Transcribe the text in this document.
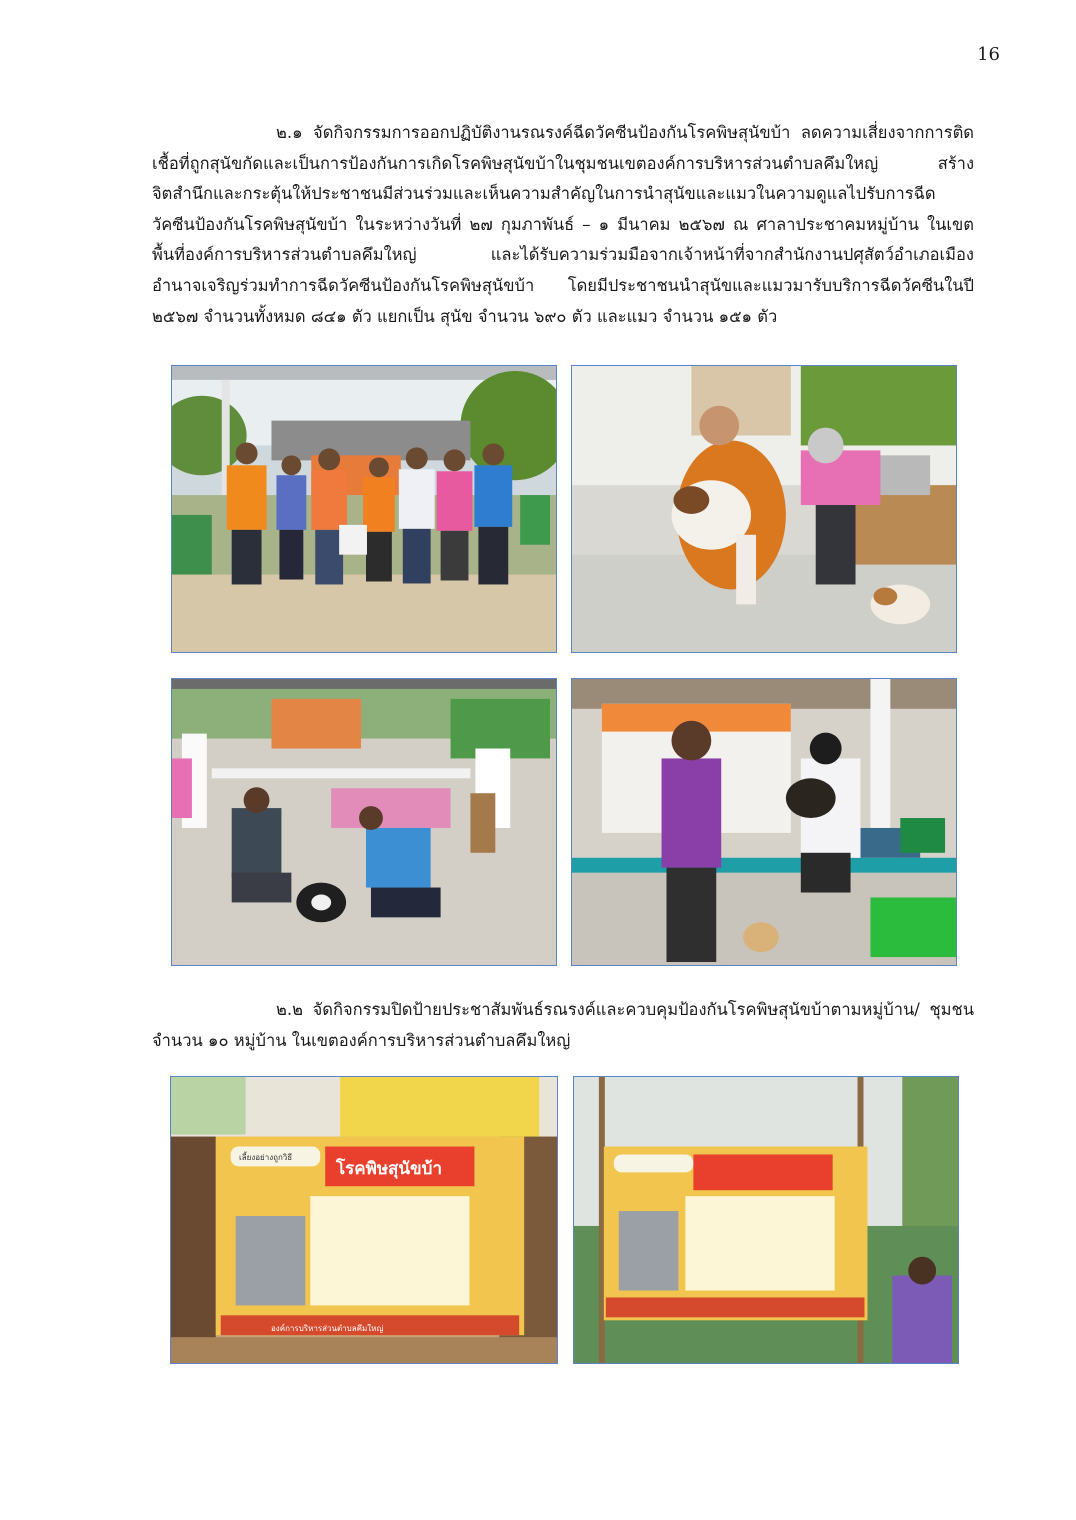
16

๒.๑ จัดกิจกรรมการออกปฏิบัติงานรณรงค์ฉีดวัคซีนป้องกันโรคพิษสุนัขบ้า ลดความเสี่ยงจากการติดเชื้อที่ถูกสุนัขกัดและเป็นการป้องกันการเกิดโรคพิษสุนัขบ้าในชุมชนเขตองค์การบริหารส่วนตำบลคึมใหญ่ สร้างจิตสำนึกและกระตุ้นให้ประชาชนมีส่วนร่วมและเห็นความสำคัญในการนำสุนัขและแมวในความดูแลไปรับการฉีดวัคซีนป้องกันโรคพิษสุนัขบ้า ในระหว่างวันที่ ๒๗ กุมภาพันธ์ – ๑ มีนาคม ๒๕๖๗ ณ ศาลาประชาคมหมู่บ้าน ในเขตพื้นที่องค์การบริหารส่วนตำบลคึมใหญ่ และได้รับความร่วมมือจากเจ้าหน้าที่จากสำนักงานปศุสัตว์อำเภอเมืองอำนาจเจริญร่วมทำการฉีดวัคซีนป้องกันโรคพิษสุนัขบ้า โดยมีประชาชนนำสุนัขและแมวมารับบริการฉีดวัคซีนในปี ๒๕๖๗ จำนวนทั้งหมด ๘๔๑ ตัว แยกเป็น สุนัข จำนวน ๖๙๐ ตัว และแมว จำนวน ๑๕๑ ตัว

๒.๒ จัดกิจกรรมปิดป้ายประชาสัมพันธ์รณรงค์และควบคุมป้องกันโรคพิษสุนัขบ้าตามหมู่บ้าน/ ชุมชน จำนวน ๑๐ หมู่บ้าน ในเขตองค์การบริหารส่วนตำบลคึมใหญ่

เลี้ยงอย่างถูกวิธี
โรคพิษสุนัขบ้า
องค์การบริหารส่วนตำบลคึมใหญ่
